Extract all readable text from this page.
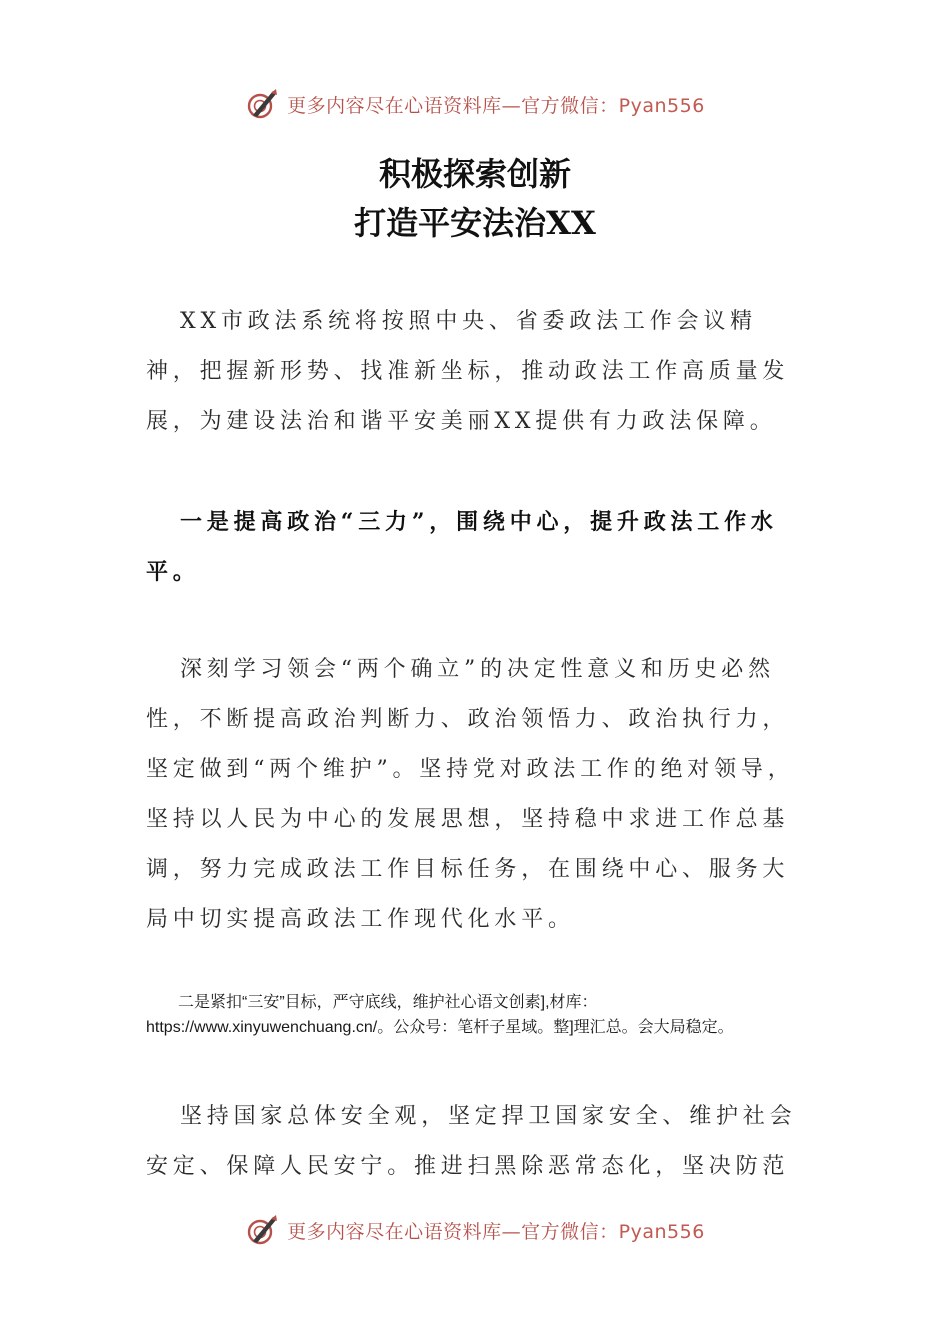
更多内容尽在心语资料库—官方微信：Pyan556
积极探索创新
打造平安法治XX

XX市政法系统将按照中央、省委政法工作会议精神，把握新形势、找准新坐标，推动政法工作高质量发展，为建设法治和谐平安美丽XX提供有力政法保障。

一是提高政治“三力”，围绕中心，提升政法工作水平。

深刻学习领会“两个确立”的决定性意义和历史必然性，不断提高政治判断力、政治领悟力、政治执行力，坚定做到“两个维护”。坚持党对政法工作的绝对领导，坚持以人民为中心的发展思想，坚持稳中求进工作总基调，努力完成政法工作目标任务，在围绕中心、服务大局中切实提高政法工作现代化水平。

二是紧扣“三安”目标，严守底线，维护社心语文创素],材库：https://www.xinyuwenchuang.cn/。公众号：笔杆子星域。整]理汇总。会大局稳定。

坚持国家总体安全观，坚定捍卫国家安全、维护社会安定、保障人民安宁。推进扫黑除恶常态化，坚决防范

更多内容尽在心语资料库—官方微信：Pyan556
